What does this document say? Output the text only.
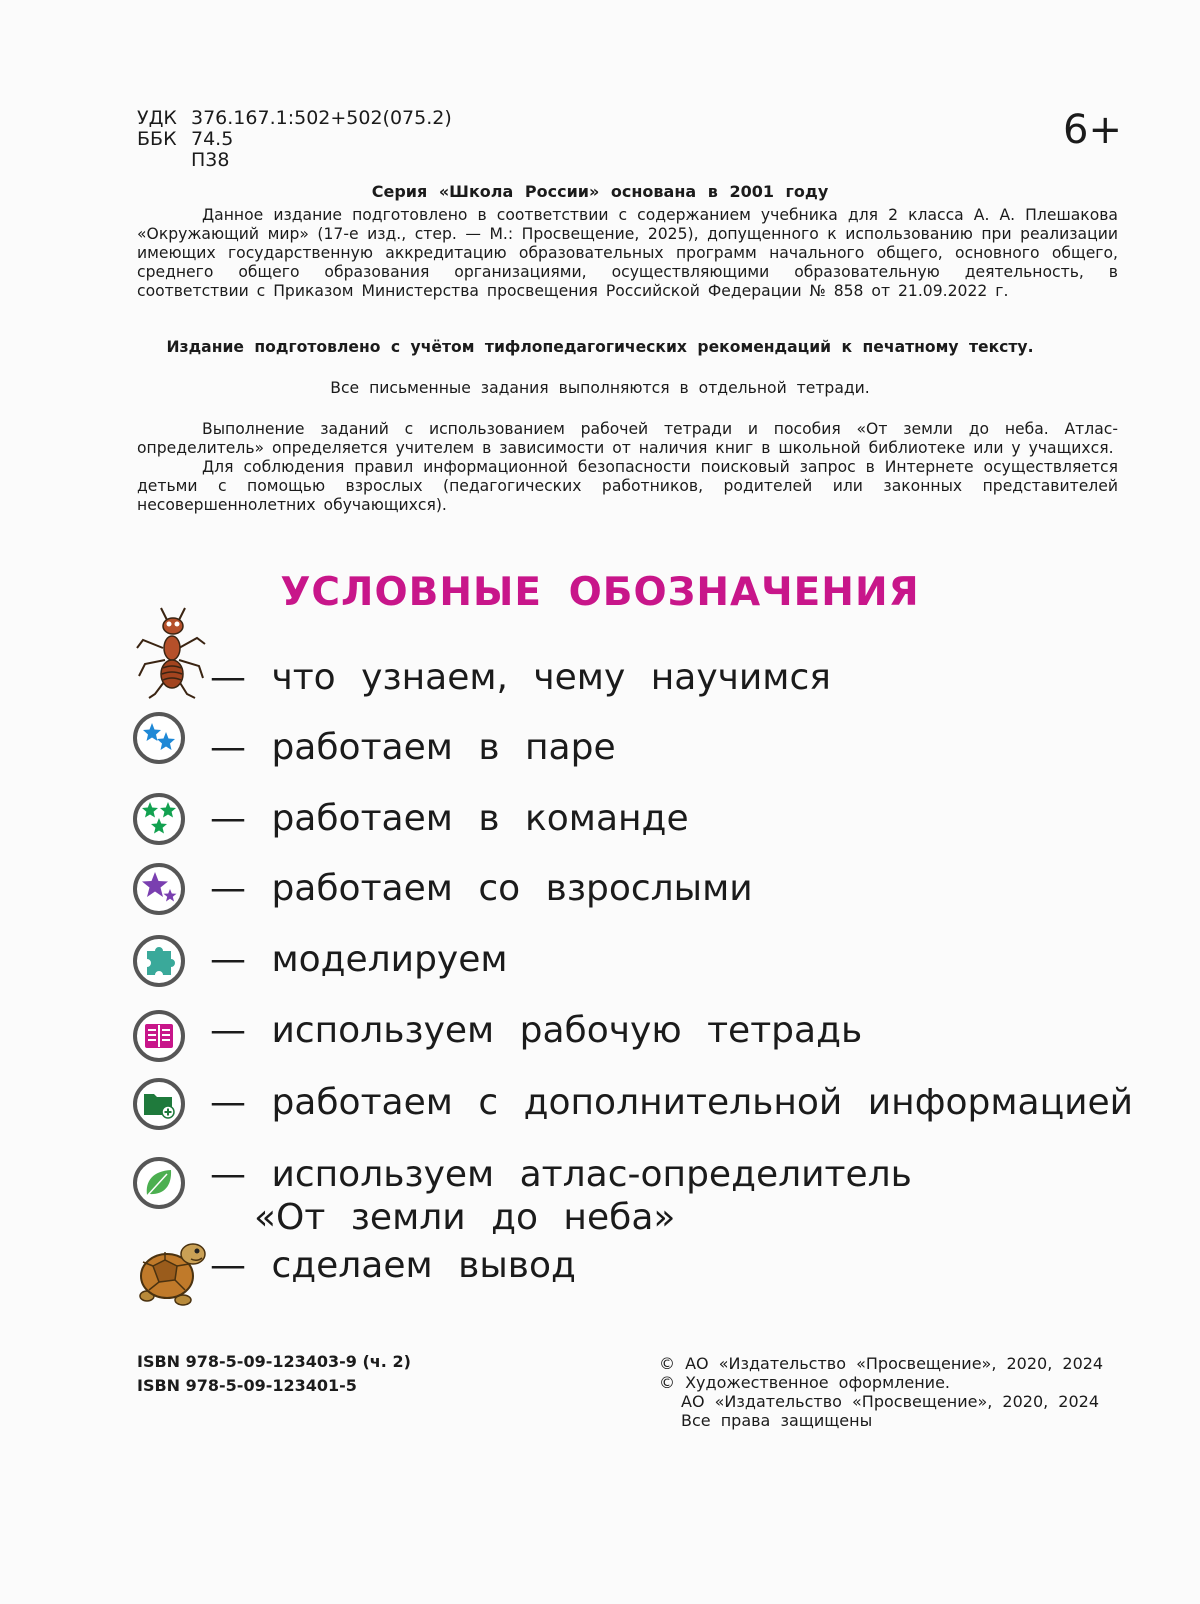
УДК 376.167.1:502+502(075.2)
ББК 74.5
П38
6+
Серия «Школа России» основана в 2001 году
Данное издание подготовлено в соответствии с содержанием учебника для 2 класса А. А. Плешакова «Окружающий мир» (17-е изд., стер. — М.: Просвещение, 2025), допущенного к использованию при реализации имеющих государственную аккредитацию образовательных программ начального общего, основного общего, среднего общего образования организациями, осуществляющими образовательную деятельность, в соответствии с Приказом Министерства просвещения Российской Федерации № 858 от 21.09.2022 г.
Издание подготовлено с учётом тифлопедагогических рекомендаций к печатному тексту.
Все письменные задания выполняются в отдельной тетради.
Выполнение заданий с использованием рабочей тетради и пособия «От земли до неба. Атлас-определитель» определяется учителем в зависимости от наличия книг в школьной библиотеке или у учащихся.
Для соблюдения правил информационной безопасности поисковый запрос в Интернете осуществляется детьми с помощью взрослых (педагогических работников, родителей или законных представителей несовершеннолетних обучающихся).
УСЛОВНЫЕ ОБОЗНАЧЕНИЯ
— что узнаем, чему научимся
— работаем в паре
— работаем в команде
— работаем со взрослыми
— моделируем
— используем рабочую тетрадь
— работаем с дополнительной информацией
— используем атлас-определитель
«От земли до неба»
— сделаем вывод
ISBN 978-5-09-123403-9 (ч. 2)
ISBN 978-5-09-123401-5
© АО «Издательство «Просвещение», 2020, 2024
© Художественное оформление.
АО «Издательство «Просвещение», 2020, 2024
Все права защищены
